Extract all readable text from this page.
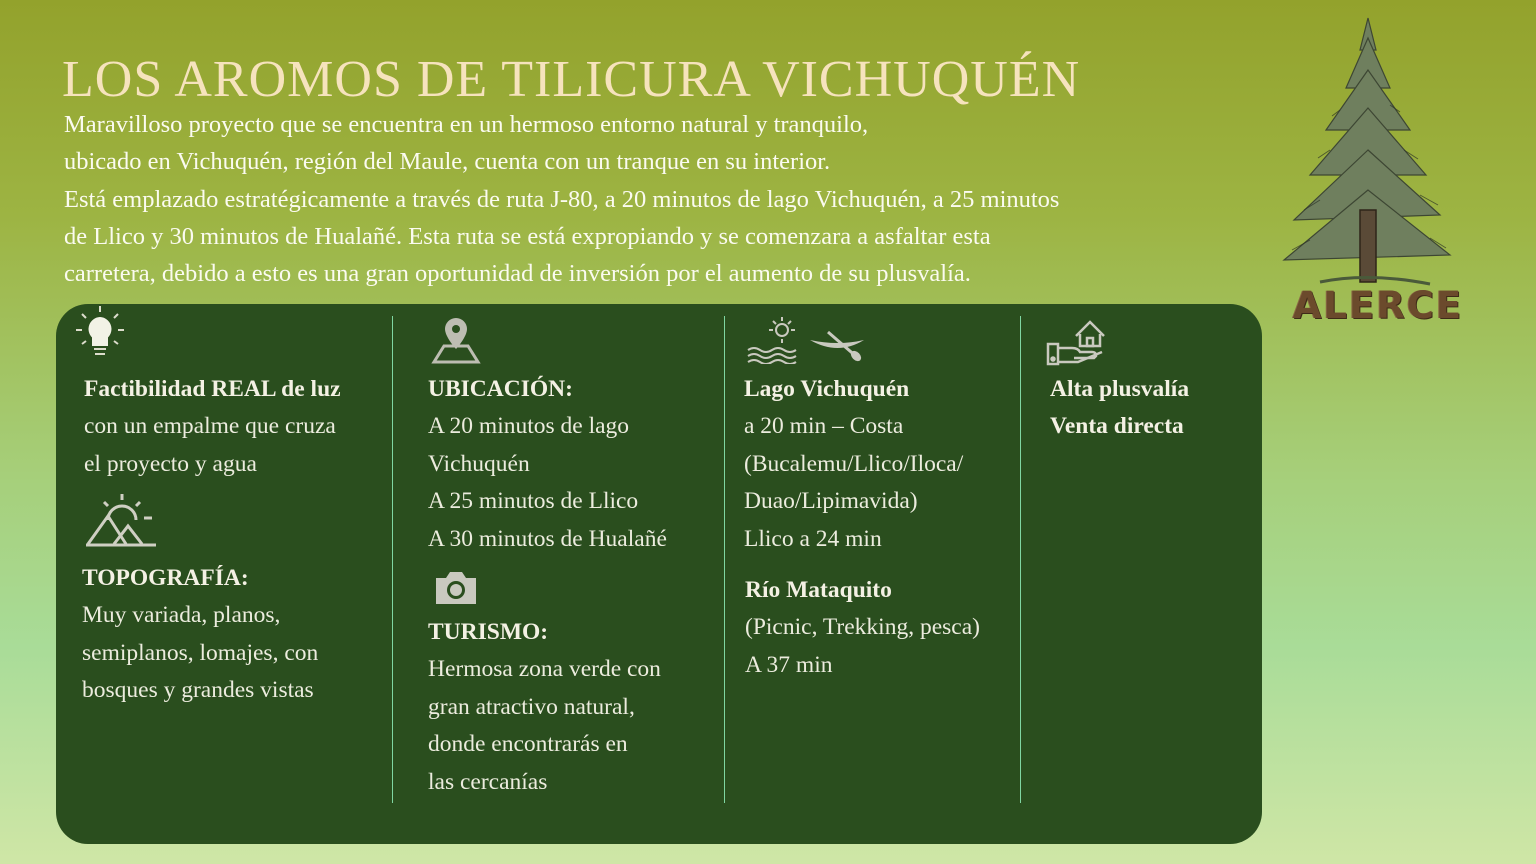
LOS AROMOS DE TILICURA VICHUQUÉN
Maravilloso proyecto que se encuentra en un hermoso entorno natural y tranquilo,
ubicado en Vichuquén, región del Maule, cuenta con un tranque en su interior.
Está emplazado estratégicamente a través de ruta J-80, a 20 minutos de lago Vichuquén, a 25 minutos
de Llico y 30 minutos de Hualañé. Esta ruta se está expropiando y se comenzara a asfaltar esta
carretera, debido a esto es una gran oportunidad de inversión por el aumento de su plusvalía.
ALERCE
Factibilidad REAL de luz
con un empalme que cruza
el proyecto y agua
TOPOGRAFÍA:
Muy variada, planos,
semiplanos, lomajes, con
bosques y grandes vistas
UBICACIÓN:
A 20 minutos de lago
Vichuquén
A 25 minutos de Llico
A 30 minutos de Hualañé
TURISMO:
Hermosa zona verde con
gran atractivo natural,
donde encontrarás en
las cercanías
Lago Vichuquén
a 20 min – Costa
(Bucalemu/Llico/Iloca/
Duao/Lipimavida)
Llico a 24 min
Río Mataquito
(Picnic, Trekking, pesca)
A 37 min
Alta plusvalía
Venta directa
